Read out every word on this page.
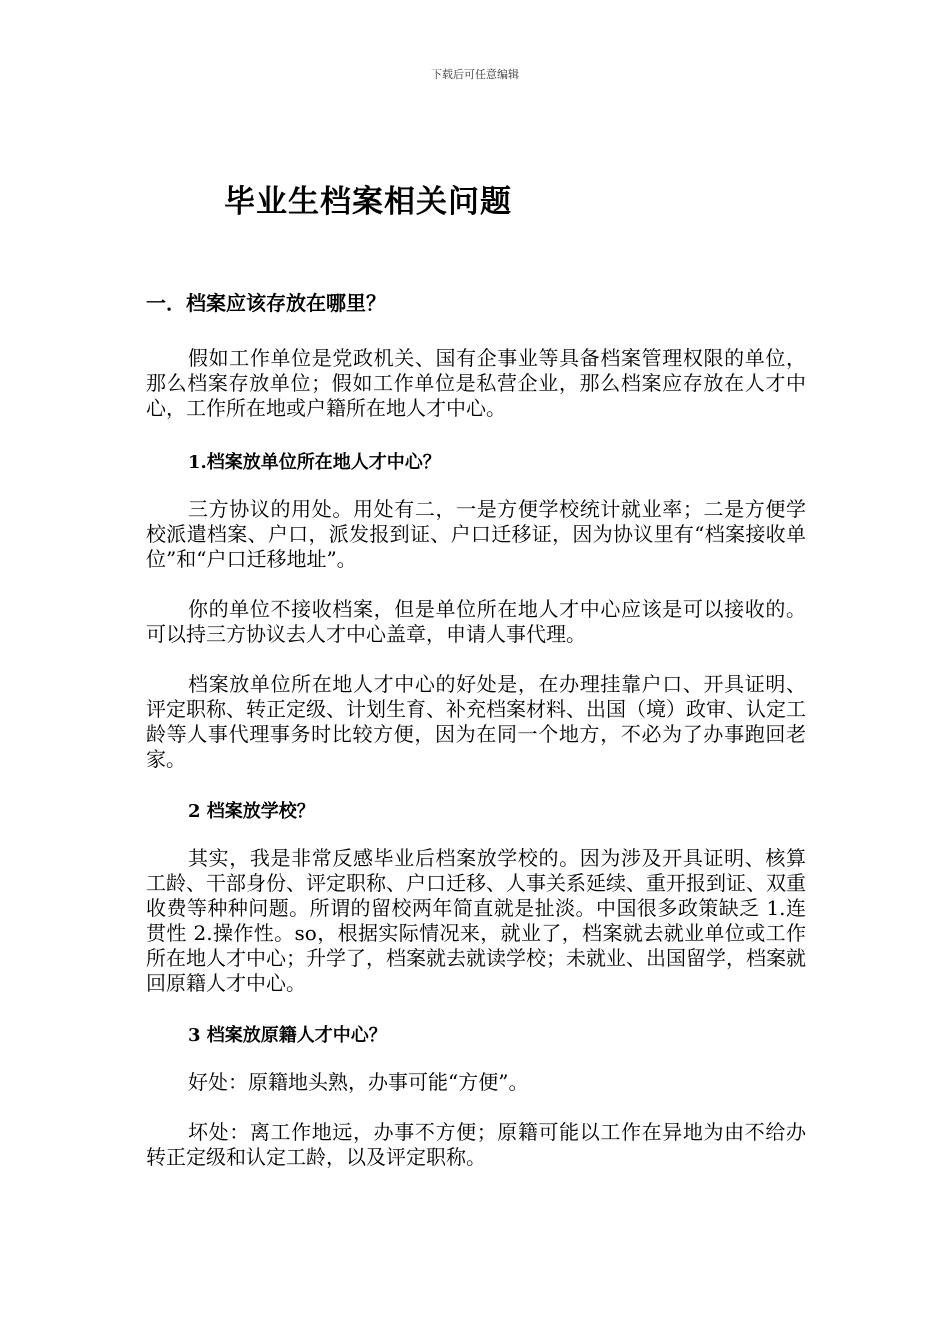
下载后可任意编辑
毕业生档案相关问题
一．档案应该存放在哪里？

假如工作单位是党政机关、国有企事业等具备档案管理权限的单位，那么档案存放单位；假如工作单位是私营企业，那么档案应存放在人才中心，工作所在地或户籍所在地人才中心。

1.档案放单位所在地人才中心？

三方协议的用处。用处有二，一是方便学校统计就业率；二是方便学校派遣档案、户口，派发报到证、户口迁移证，因为协议里有“档案接收单位”和“户口迁移地址”。

你的单位不接收档案，但是单位所在地人才中心应该是可以接收的。可以持三方协议去人才中心盖章，申请人事代理。

档案放单位所在地人才中心的好处是，在办理挂靠户口、开具证明、评定职称、转正定级、计划生育、补充档案材料、出国（境）政审、认定工龄等人事代理事务时比较方便，因为在同一个地方，不必为了办事跑回老家。

2 档案放学校？

其实，我是非常反感毕业后档案放学校的。因为涉及开具证明、核算工龄、干部身份、评定职称、户口迁移、人事关系延续、重开报到证、双重收费等种种问题。所谓的留校两年简直就是扯淡。中国很多政策缺乏 1.连贯性 2.操作性。so，根据实际情况来，就业了，档案就去就业单位或工作所在地人才中心；升学了，档案就去就读学校；未就业、出国留学，档案就回原籍人才中心。

3 档案放原籍人才中心？

好处：原籍地头熟，办事可能“方便”。

坏处：离工作地远，办事不方便；原籍可能以工作在异地为由不给办转正定级和认定工龄，以及评定职称。
